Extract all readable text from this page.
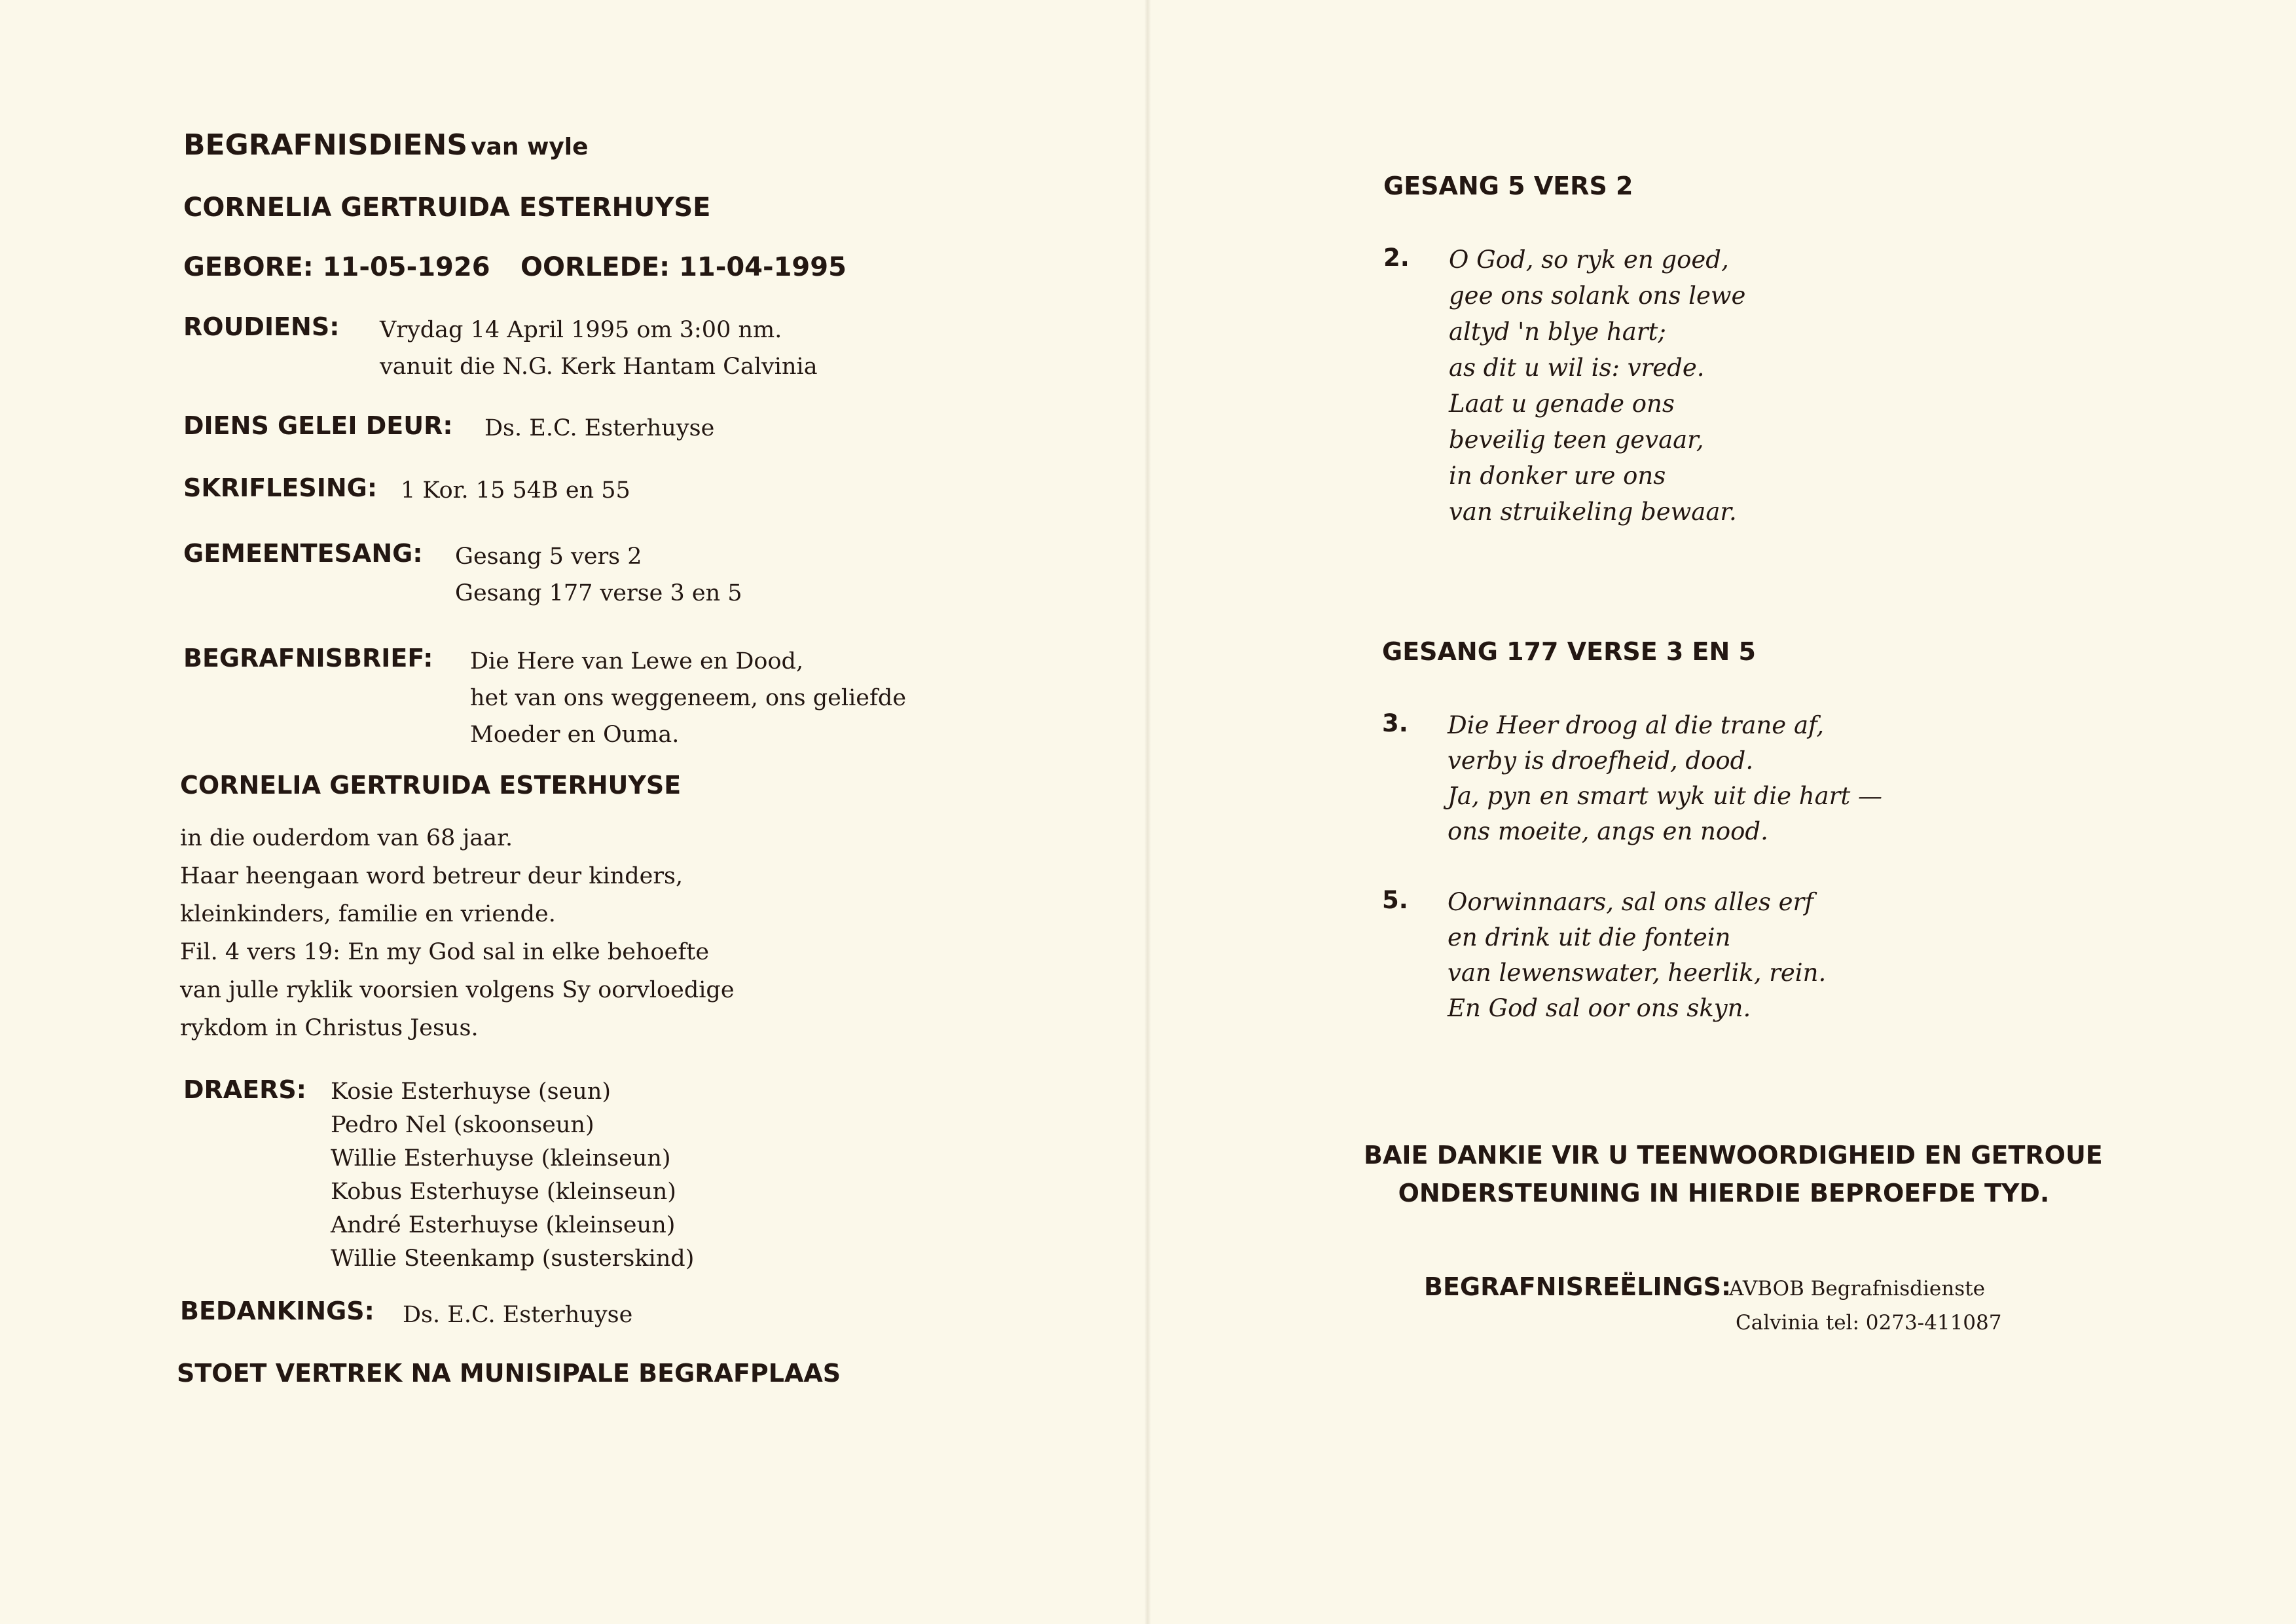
BEGRAFNISDIENS van wyle
CORNELIA GERTRUIDA ESTERHUYSE
GEBORE: 11-05-1926 OORLEDE: 11-04-1995
ROUDIENS: Vrydag 14 April 1995 om 3:00 nm.
vanuit die N.G. Kerk Hantam Calvinia
DIENS GELEI DEUR: Ds. E.C. Esterhuyse
SKRIFLESING: 1 Kor. 15 54B en 55
GEMEENTESANG: Gesang 5 vers 2
Gesang 177 verse 3 en 5
BEGRAFNISBRIEF: Die Here van Lewe en Dood,
het van ons weggeneem, ons geliefde
Moeder en Ouma.
CORNELIA GERTRUIDA ESTERHUYSE
in die ouderdom van 68 jaar.
Haar heengaan word betreur deur kinders,
kleinkinders, familie en vriende.
Fil. 4 vers 19: En my God sal in elke behoefte
van julle ryklik voorsien volgens Sy oorvloedige
rykdom in Christus Jesus.
DRAERS: Kosie Esterhuyse (seun)
Pedro Nel (skoonseun)
Willie Esterhuyse (kleinseun)
Kobus Esterhuyse (kleinseun)
André Esterhuyse (kleinseun)
Willie Steenkamp (susterskind)
BEDANKINGS: Ds. E.C. Esterhuyse
STOET VERTREK NA MUNISIPALE BEGRAFPLAAS
GESANG 5 VERS 2
2. O God, so ryk en goed,
gee ons solank ons lewe
altyd 'n blye hart;
as dit u wil is: vrede.
Laat u genade ons
beveilig teen gevaar,
in donker ure ons
van struikeling bewaar.
GESANG 177 VERSE 3 EN 5
3. Die Heer droog al die trane af,
verby is droefheid, dood.
Ja, pyn en smart wyk uit die hart —
ons moeite, angs en nood.
5. Oorwinnaars, sal ons alles erf
en drink uit die fontein
van lewenswater, heerlik, rein.
En God sal oor ons skyn.
BAIE DANKIE VIR U TEENWOORDIGHEID EN GETROUE
ONDERSTEUNING IN HIERDIE BEPROEFDE TYD.
BEGRAFNISREËLINGS:
AVBOB Begrafnisdienste
Calvinia tel: 0273-411087
